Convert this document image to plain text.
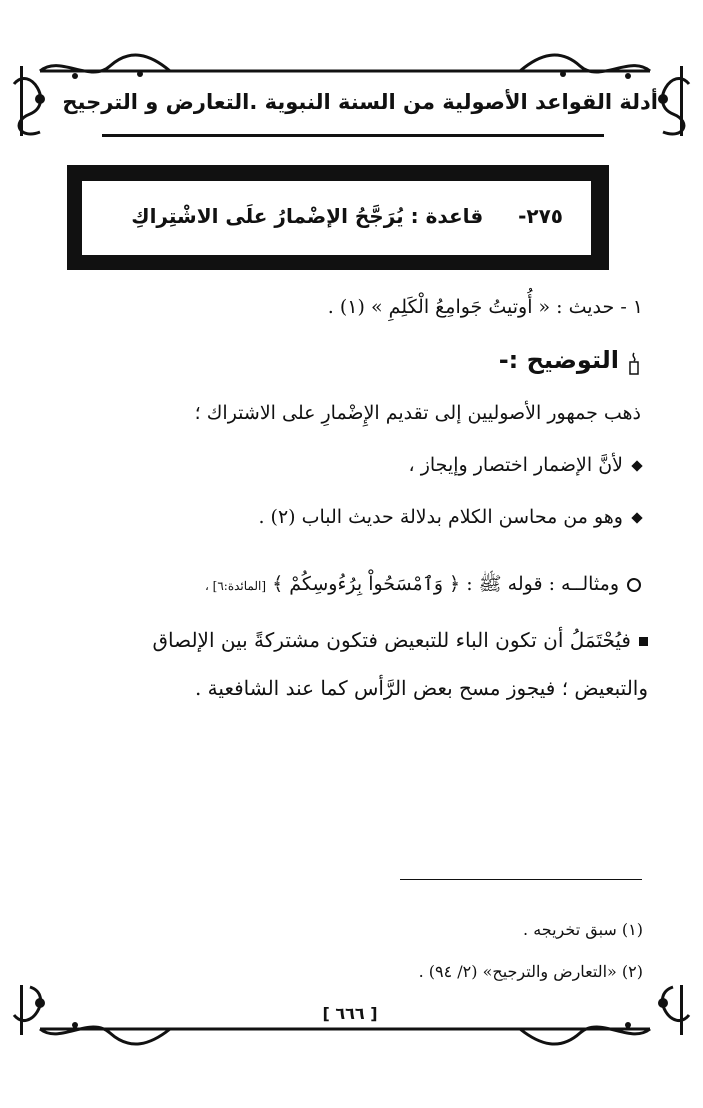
أدلة القواعد الأصولية من السنة النبوية .التعارض و الترجيح
٢٧٥-     قاعدة : يُرَجَّحُ الإضْمارُ علَى الاشْتِراكِ
١ - حديث : « أُوتيتُ جَوامِعُ الْكَلِمِ » (١) .
التوضيح :-
ذهب جمهور الأصوليين إلى تقديم الإِضْمارِ على الاشتراك ؛
لأنَّ الإضمار اختصار وإيجاز ،
وهو من محاسن الكلام بدلالة حديث الباب (٢) .
ومثالــه : قوله ﷺ : ﴿ وَٱمْسَحُواْ بِرُءُوسِكُمْ ﴾ [المائدة:٦] ،
فيُحْتَمَلُ أن تكون الباء للتبعيض فتكون مشتركةً بين الإلصاق
والتبعيض ؛ فيجوز مسح بعض الرَّأس كما عند الشافعية .
(١) سبق تخريجه .
(٢) «التعارض والترجيح» (٢/ ٩٤) .
[ ٦٦٦ ]
